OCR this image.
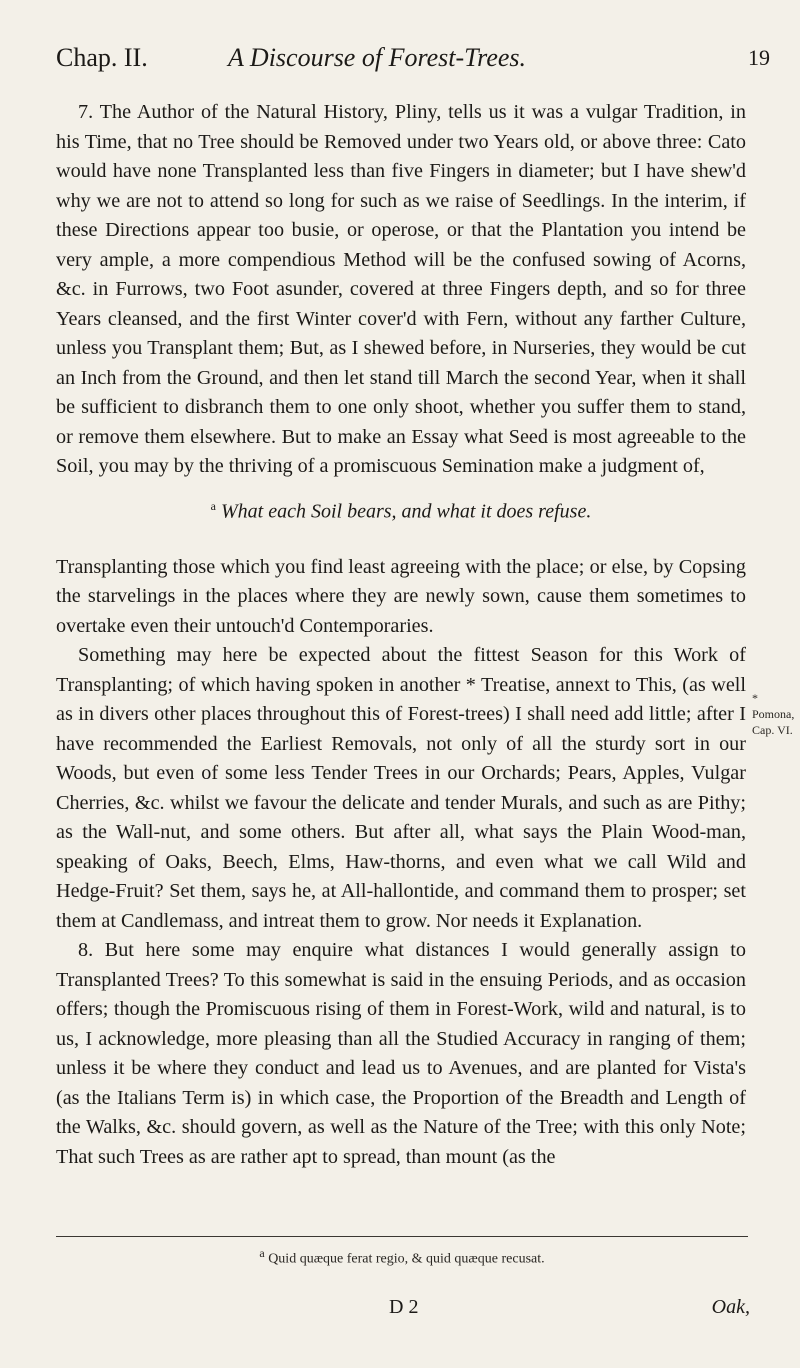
Chap. II.	A Discourse of Forest-Trees.	19

7. The Author of the Natural History, Pliny, tells us it was a vulgar Tradition, in his Time, that no Tree should be Removed under two Years old, or above three: Cato would have none Transplanted less than five Fingers in diameter; but I have shew'd why we are not to attend so long for such as we raise of Seedlings. In the interim, if these Directions appear too busie, or operose, or that the Plantation you intend be very ample, a more compendious Method will be the confused sowing of Acorns, &c. in Furrows, two Foot asunder, covered at three Fingers depth, and so for three Years cleansed, and the first Winter cover'd with Fern, without any farther Culture, unless you Transplant them; But, as I shewed before, in Nurseries, they would be cut an Inch from the Ground, and then let stand till March the second Year, when it shall be sufficient to disbranch them to one only shoot, whether you suffer them to stand, or remove them elsewhere. But to make an Essay what Seed is most agreeable to the Soil, you may by the thriving of a promiscuous Semination make a judgment of,

$^a$ What each Soil bears, and what it does refuse.

Transplanting those which you find least agreeing with the place; or else, by Copsing the starvelings in the places where they are newly sown, cause them sometimes to overtake even their untouch'd Contemporaries.

Something may here be expected about the fittest Season for this Work of Transplanting; of which having spoken in another * Treatise, annext to This, (as well as in divers other places throughout this of Forest-trees) I shall need add little; after I have recommended the Earliest Removals, not only of all the sturdy sort in our Woods, but even of some less Tender Trees in our Orchards; Pears, Apples, Vulgar Cherries, &c. whilst we favour the delicate and tender Murals, and such as are Pithy; as the Wall-nut, and some others. But after all, what says the Plain Wood-man, speaking of Oaks, Beech, Elms, Haw-thorns, and even what we call Wild and Hedge-Fruit? Set them, says he, at All-hallontide, and command them to prosper; set them at Candlemass, and intreat them to grow. Nor needs it Explanation.

8. But here some may enquire what distances I would generally assign to Transplanted Trees? To this somewhat is said in the ensuing Periods, and as occasion offers; though the Promiscuous rising of them in Forest-Work, wild and natural, is to us, I acknowledge, more pleasing than all the Studied Accuracy in ranging of them; unless it be where they conduct and lead us to Avenues, and are planted for Vista's (as the Italians Term is) in which case, the Proportion of the Breadth and Length of the Walks, &c. should govern, as well as the Nature of the Tree; with this only Note; That such Trees as are rather apt to spread, than mount (as the

* Pomona,
Cap. VI.
$^a$ Quid quæque ferat regio, & quid quæque recusat.
D 2	Oak,
